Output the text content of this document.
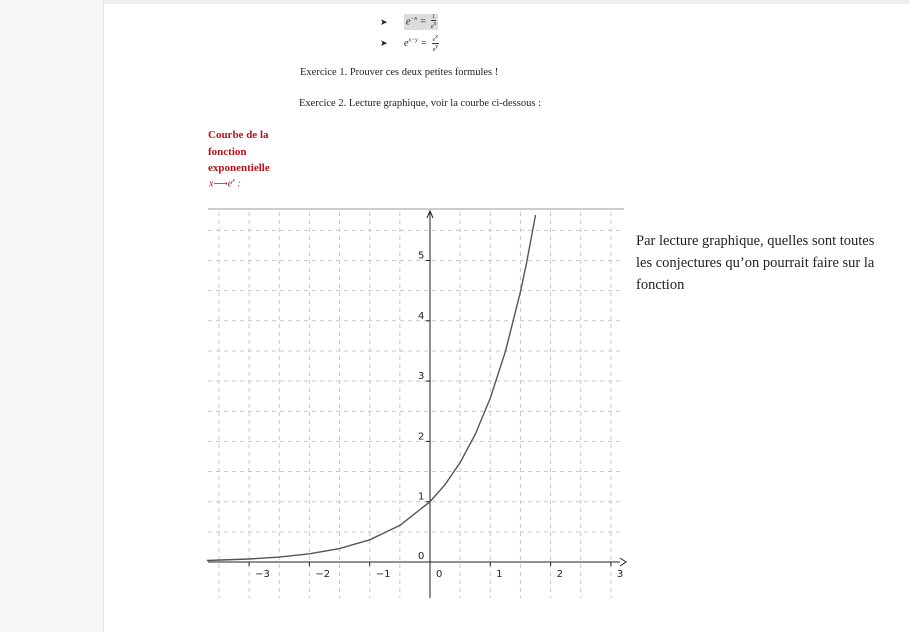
➤ $e^{-x} = \frac{1}{e^x}$
➤ $e^{x-y} = \frac{e^x}{e^y}$
Exercice 1. Prouver ces deux petites formules !
Exercice 2. Lecture graphique, voir la courbe ci-dessous :
Courbe de la
fonction
exponentielle
$x⟶e^x$ :
−3	−2	−1	0	1	2	3
0
1
2
3
4
5
Par lecture graphique, quelles sont toutes les conjectures qu’on pourrait faire sur la fonction
